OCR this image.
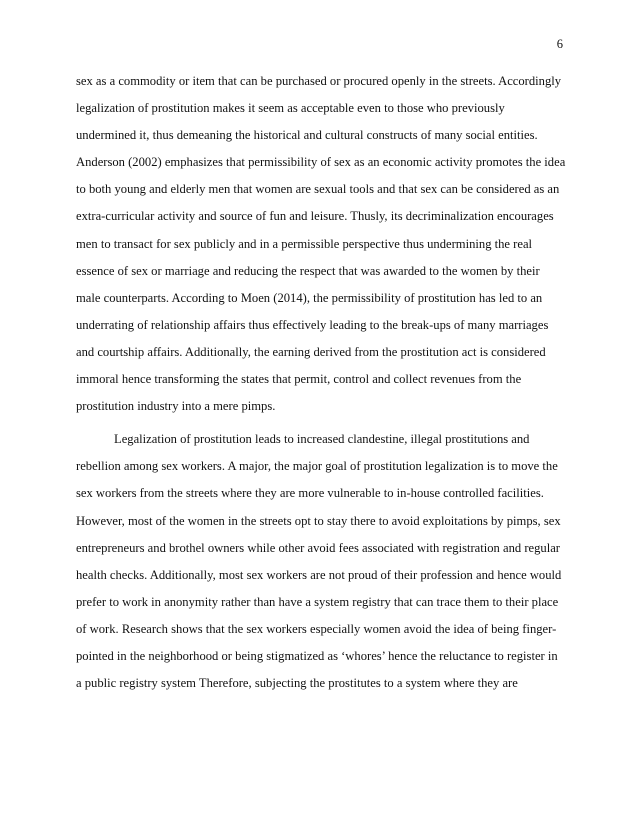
6
sex as a commodity or item that can be purchased or procured openly in the streets. Accordingly
legalization of prostitution makes it seem as acceptable even to those who previously
undermined it, thus demeaning the historical and cultural constructs of many social entities.
Anderson (2002) emphasizes that permissibility of sex as an economic activity promotes the idea
to both young and elderly men that women are sexual tools and that sex can be considered as an
extra-curricular activity and source of fun and leisure. Thusly, its decriminalization encourages
men to transact for sex publicly and in a permissible perspective thus undermining the real
essence of sex or marriage and reducing the respect that was awarded to the women by their
male counterparts. According to Moen (2014), the permissibility of prostitution has led to an
underrating of relationship affairs thus effectively leading to the break-ups of many marriages
and courtship affairs. Additionally, the earning derived from the prostitution act is considered
immoral hence transforming the states that permit, control and collect revenues from the
prostitution industry into a mere pimps.
Legalization of prostitution leads to increased clandestine, illegal prostitutions and
rebellion among sex workers. A major, the major goal of prostitution legalization is to move the
sex workers from the streets where they are more vulnerable to in-house controlled facilities.
However, most of the women in the streets opt to stay there to avoid exploitations by pimps, sex
entrepreneurs and brothel owners while other avoid fees associated with registration and regular
health checks. Additionally, most sex workers are not proud of their profession and hence would
prefer to work in anonymity rather than have a system registry that can trace them to their place
of work. Research shows that the sex workers especially women avoid the idea of being finger-
pointed in the neighborhood or being stigmatized as ‘whores’ hence the reluctance to register in
a public registry system Therefore, subjecting the prostitutes to a system where they are
